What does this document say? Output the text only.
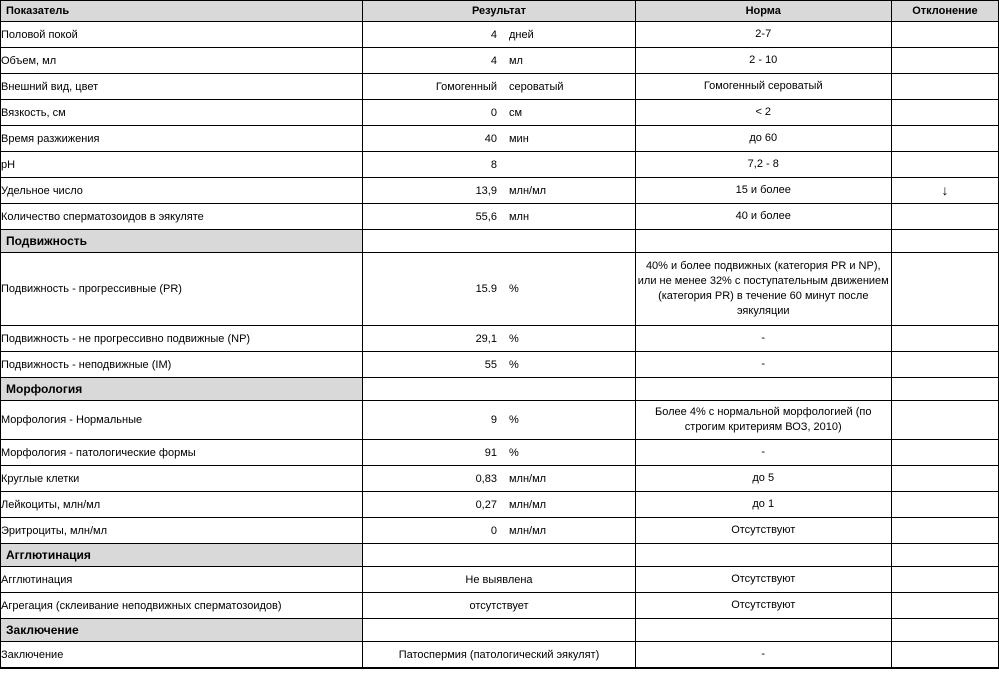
Показатель	Результат	Норма	Отклонение
Половой покой	4 дней	2-7	
Объем, мл	4 мл	2 - 10	
Внешний вид, цвет	Гомогенный сероватый	Гомогенный сероватый	
Вязкость, см	0 см	< 2	
Время разжижения	40 мин	до 60	
pH	8	7,2 - 8	
Удельное число	13,9 млн/мл	15 и более	↓
Количество сперматозоидов в эякуляте	55,6 млн	40 и более	
Подвижность			
Подвижность - прогрессивные (PR)	15.9 %	40% и более подвижных (категория PR и NP), или не менее 32% с поступательным движением (категория PR) в течение 60 минут после эякуляции	
Подвижность - не прогрессивно подвижные (NP)	29,1 %	-	
Подвижность - неподвижные (IM)	55 %	-	
Морфология			
Морфология - Нормальные	9 %	Более 4% с нормальной морфологией (по строгим критериям ВОЗ, 2010)	
Морфология - патологические формы	91 %	-	
Круглые клетки	0,83 млн/мл	до 5	
Лейкоциты, млн/мл	0,27 млн/мл	до 1	
Эритроциты, млн/мл	0 млн/мл	Отсутствуют	
Агглютинация			
Агглютинация	Не выявлена	Отсутствуют	
Агрегация (склеивание неподвижных сперматозоидов)	отсутствует	Отсутствуют	
Заключение			
Заключение	Патоспермия (патологический эякулят)	-	
